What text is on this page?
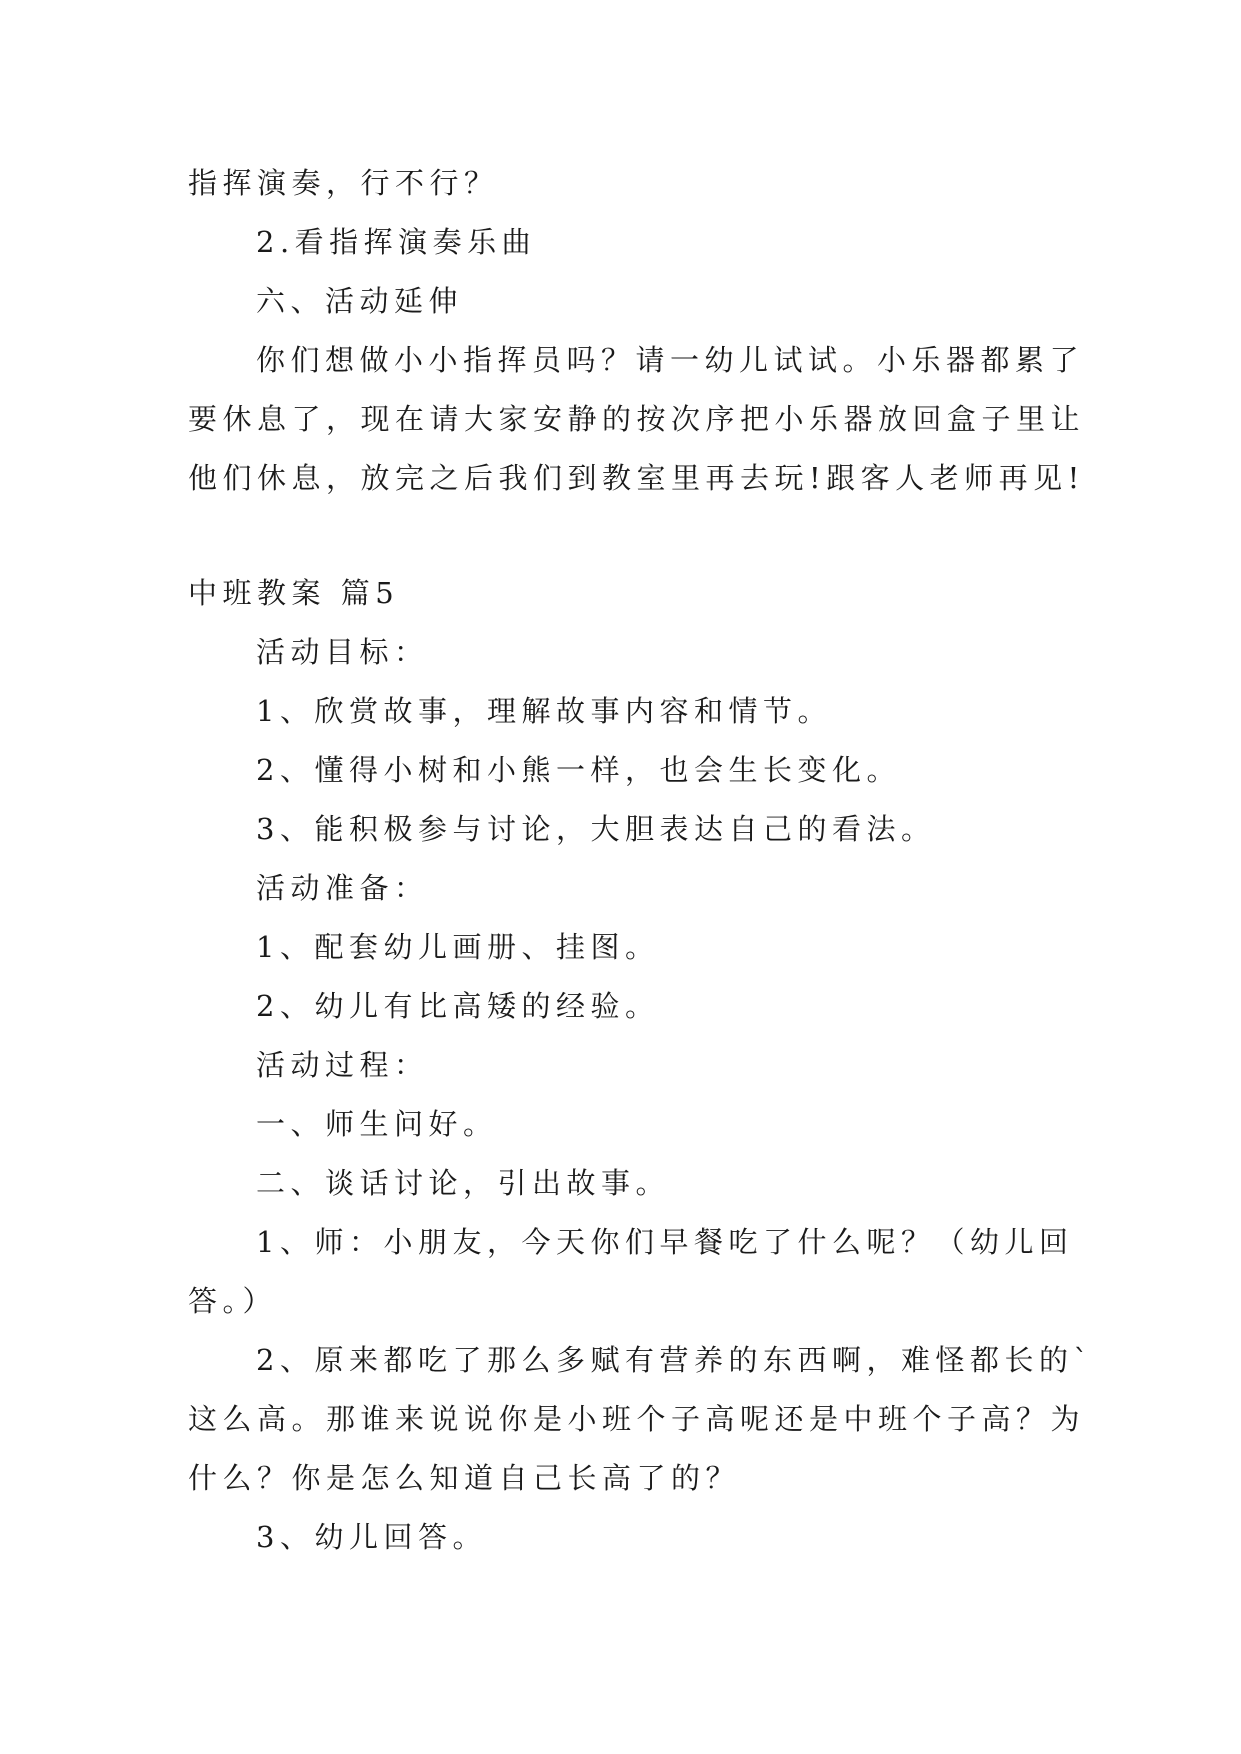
指挥演奏，行不行？
2.看指挥演奏乐曲
六、活动延伸
你们想做小小指挥员吗？请一幼儿试试。小乐器都累了
要休息了，现在请大家安静的按次序把小乐器放回盒子里让
他们休息，放完之后我们到教室里再去玩!跟客人老师再见!
中班教案 篇5
活动目标：
1、欣赏故事，理解故事内容和情节。
2、懂得小树和小熊一样，也会生长变化。
3、能积极参与讨论，大胆表达自己的看法。
活动准备：
1、配套幼儿画册、挂图。
2、幼儿有比高矮的经验。
活动过程：
一、师生问好。
二、谈话讨论，引出故事。
1、师：小朋友，今天你们早餐吃了什么呢？（幼儿回
答。）
2、原来都吃了那么多赋有营养的东西啊，难怪都长的`
这么高。那谁来说说你是小班个子高呢还是中班个子高？为
什么？你是怎么知道自己长高了的？
3、幼儿回答。
